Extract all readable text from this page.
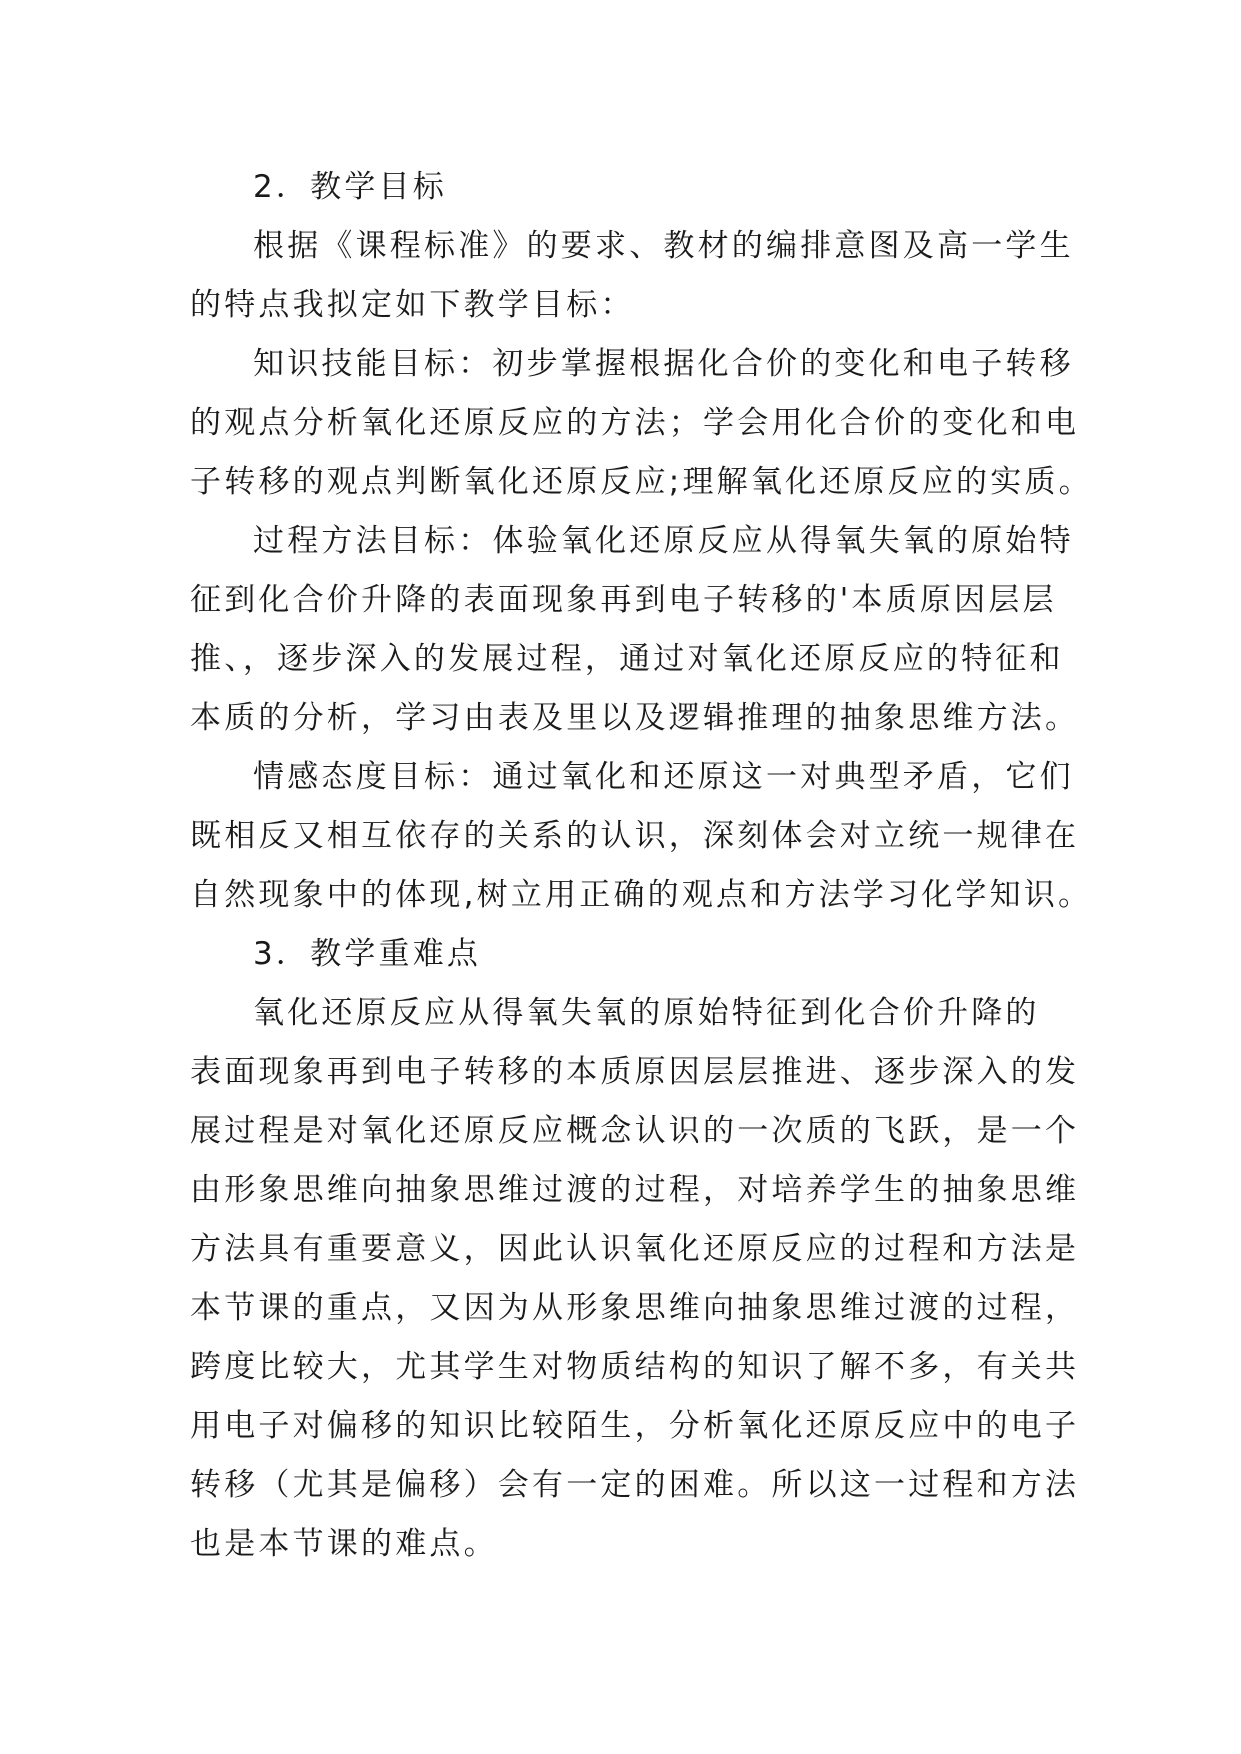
2．教学目标

根据《课程标准》的要求、教材的编排意图及高一学生

的特点我拟定如下教学目标：

知识技能目标：初步掌握根据化合价的变化和电子转移

的观点分析氧化还原反应的方法；学会用化合价的变化和电

子转移的观点判断氧化还原反应;理解氧化还原反应的实质。

过程方法目标：体验氧化还原反应从得氧失氧的原始特

征到化合价升降的表面现象再到电子转移的'本质原因层层

推、，逐步深入的发展过程，通过对氧化还原反应的特征和

本质的分析，学习由表及里以及逻辑推理的抽象思维方法。

情感态度目标：通过氧化和还原这一对典型矛盾，它们

既相反又相互依存的关系的认识，深刻体会对立统一规律在

自然现象中的体现,树立用正确的观点和方法学习化学知识。

3．教学重难点

氧化还原反应从得氧失氧的原始特征到化合价升降的

表面现象再到电子转移的本质原因层层推进、逐步深入的发

展过程是对氧化还原反应概念认识的一次质的飞跃，是一个

由形象思维向抽象思维过渡的过程，对培养学生的抽象思维

方法具有重要意义，因此认识氧化还原反应的过程和方法是

本节课的重点，又因为从形象思维向抽象思维过渡的过程，

跨度比较大，尤其学生对物质结构的知识了解不多，有关共

用电子对偏移的知识比较陌生，分析氧化还原反应中的电子

转移（尤其是偏移）会有一定的困难。所以这一过程和方法

也是本节课的难点。
